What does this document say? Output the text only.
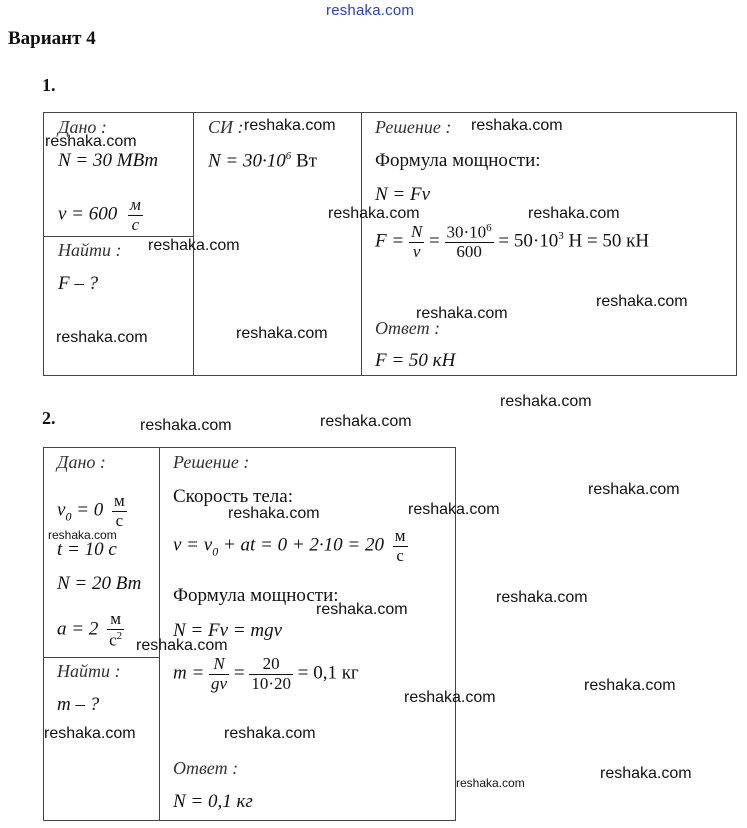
reshaka.com
Вариант 4
1.
Дано :
N = 30 МВт
$v = 600 \frac{м}{с}$
Найти :
F – ?
СИ :
$N = 30\cdot 10^6$ Вт
Решение :
Формула мощности:
N = Fv
$F = \frac{N}{v} = \frac{30\cdot 10^6}{600} = 50\cdot 10^3$ Н = 50 кН
Ответ :
F = 50 кН
2.
Дано :
$v_0 = 0 \frac{м}{с}$
t = 10 с
N = 20 Вт
$a = 2 \frac{м}{с^2}$
Найти :
m – ?
Решение :
Скорость тела:
$v = v_0$ + at = $0 + 2\cdot 10 = 20 \frac{м}{с}$
Формула мощности:
N = Fv = mgv
$m = \frac{N}{gv} = \frac{20}{10\cdot 20} = 0,1$ кг
Ответ :
N = 0,1 кг
reshaka.com
reshaka.com	reshaka.com
reshaka.com	reshaka.com
reshaka.com
reshaka.com
reshaka.com
reshaka.com	reshaka.com
reshaka.com
reshaka.com
reshaka.com
reshaka.com
reshaka.com
reshaka.com
reshaka.com
reshaka.com
reshaka.com
reshaka.com
reshaka.com
reshaka.com
reshaka.com	reshaka.com
reshaka.com
reshaka.com
